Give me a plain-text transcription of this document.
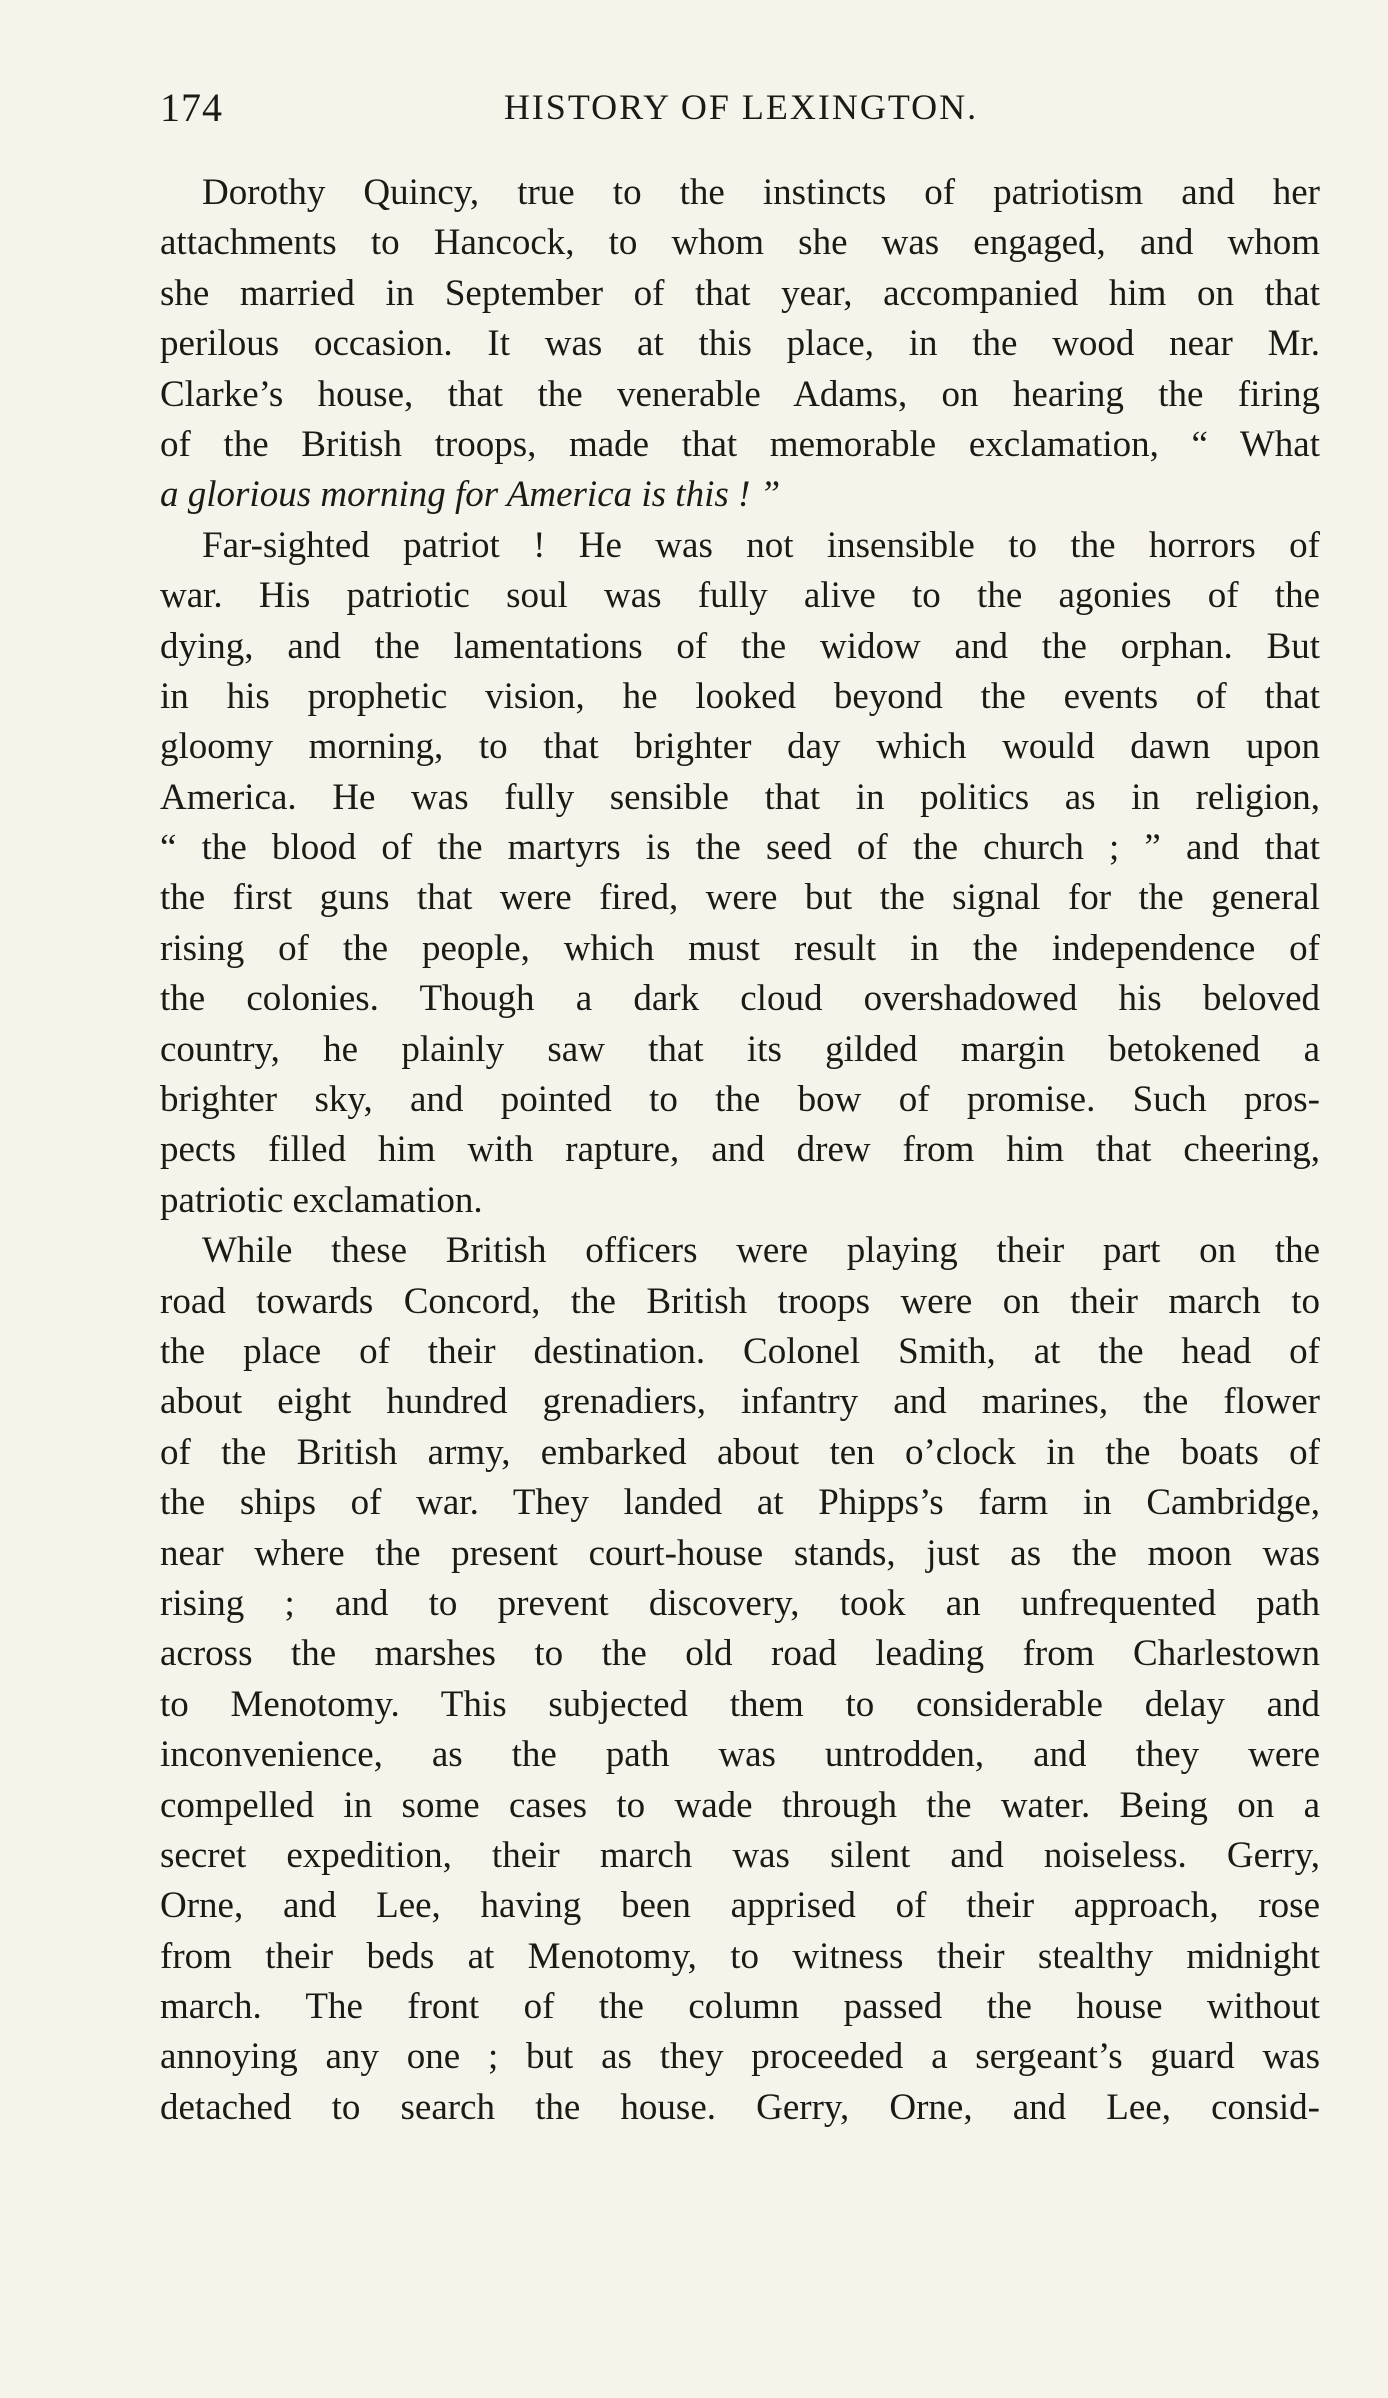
174	HISTORY OF LEXINGTON.
Dorothy Quincy, true to the instincts of patriotism and her
attachments to Hancock, to whom she was engaged, and whom
she married in September of that year, accompanied him on that
perilous occasion. It was at this place, in the wood near Mr.
Clarke’s house, that the venerable Adams, on hearing the firing
of the British troops, made that memorable exclamation, “ What
a glorious morning for America is this ! ”
Far-sighted patriot ! He was not insensible to the horrors of
war. His patriotic soul was fully alive to the agonies of the
dying, and the lamentations of the widow and the orphan. But
in his prophetic vision, he looked beyond the events of that
gloomy morning, to that brighter day which would dawn upon
America. He was fully sensible that in politics as in religion,
“ the blood of the martyrs is the seed of the church ; ” and that
the first guns that were fired, were but the signal for the general
rising of the people, which must result in the independence of
the colonies. Though a dark cloud overshadowed his beloved
country, he plainly saw that its gilded margin betokened a
brighter sky, and pointed to the bow of promise. Such pros-
pects filled him with rapture, and drew from him that cheering,
patriotic exclamation.
While these British officers were playing their part on the
road towards Concord, the British troops were on their march to
the place of their destination. Colonel Smith, at the head of
about eight hundred grenadiers, infantry and marines, the flower
of the British army, embarked about ten o’clock in the boats of
the ships of war. They landed at Phipps’s farm in Cambridge,
near where the present court-house stands, just as the moon was
rising ; and to prevent discovery, took an unfrequented path
across the marshes to the old road leading from Charlestown
to Menotomy. This subjected them to considerable delay and
inconvenience, as the path was untrodden, and they were
compelled in some cases to wade through the water. Being on a
secret expedition, their march was silent and noiseless. Gerry,
Orne, and Lee, having been apprised of their approach, rose
from their beds at Menotomy, to witness their stealthy midnight
march. The front of the column passed the house without
annoying any one ; but as they proceeded a sergeant’s guard was
detached to search the house. Gerry, Orne, and Lee, consid-
